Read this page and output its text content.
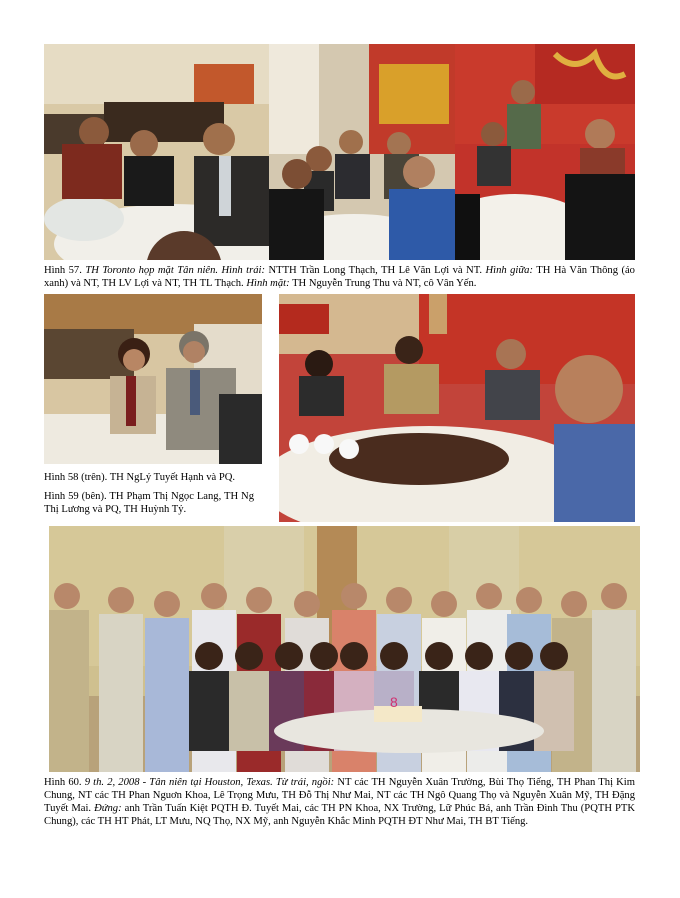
Hình 57. TH Toronto họp mặt Tân niên. Hình trái: NTTH Trần Long Thạch, TH Lê Văn Lợi và NT. Hình giữa: TH Hà Văn Thông (áo xanh) và NT, TH LV Lợi và NT, TH TL Thạch. Hình mặt: TH Nguyễn Trung Thu và NT, cô Vân Yến.
Hình 58 (trên). TH NgLý Tuyết Hạnh và PQ.
Hình 59 (bên). TH Phạm Thị Ngọc Lang, TH Ng Thị Lương và PQ, TH Huỳnh Tỷ.
8
Hình 60. 9 th. 2, 2008 - Tân niên tại Houston, Texas. Từ trái, ngồi: NT các TH Nguyễn Xuân Trường, Bùi Thọ Tiếng, TH Phan Thị Kim Chung, NT các TH Phan Nguơn Khoa, Lê Trọng Mưu, TH Đỗ Thị Như Mai, NT các TH Ngô Quang Thọ và Nguyễn Xuân Mỹ, TH Đặng Tuyết Mai. Đứng: anh Trần Tuấn Kiệt PQTH Đ. Tuyết Mai, các TH PN Khoa, NX Trường, Lữ Phúc Bá, anh Trần Đình Thu (PQTH PTK Chung), các TH HT Phát, LT Mưu, NQ Thọ, NX Mỹ, anh Nguyễn Khắc Minh PQTH ĐT Như Mai, TH BT Tiếng.
